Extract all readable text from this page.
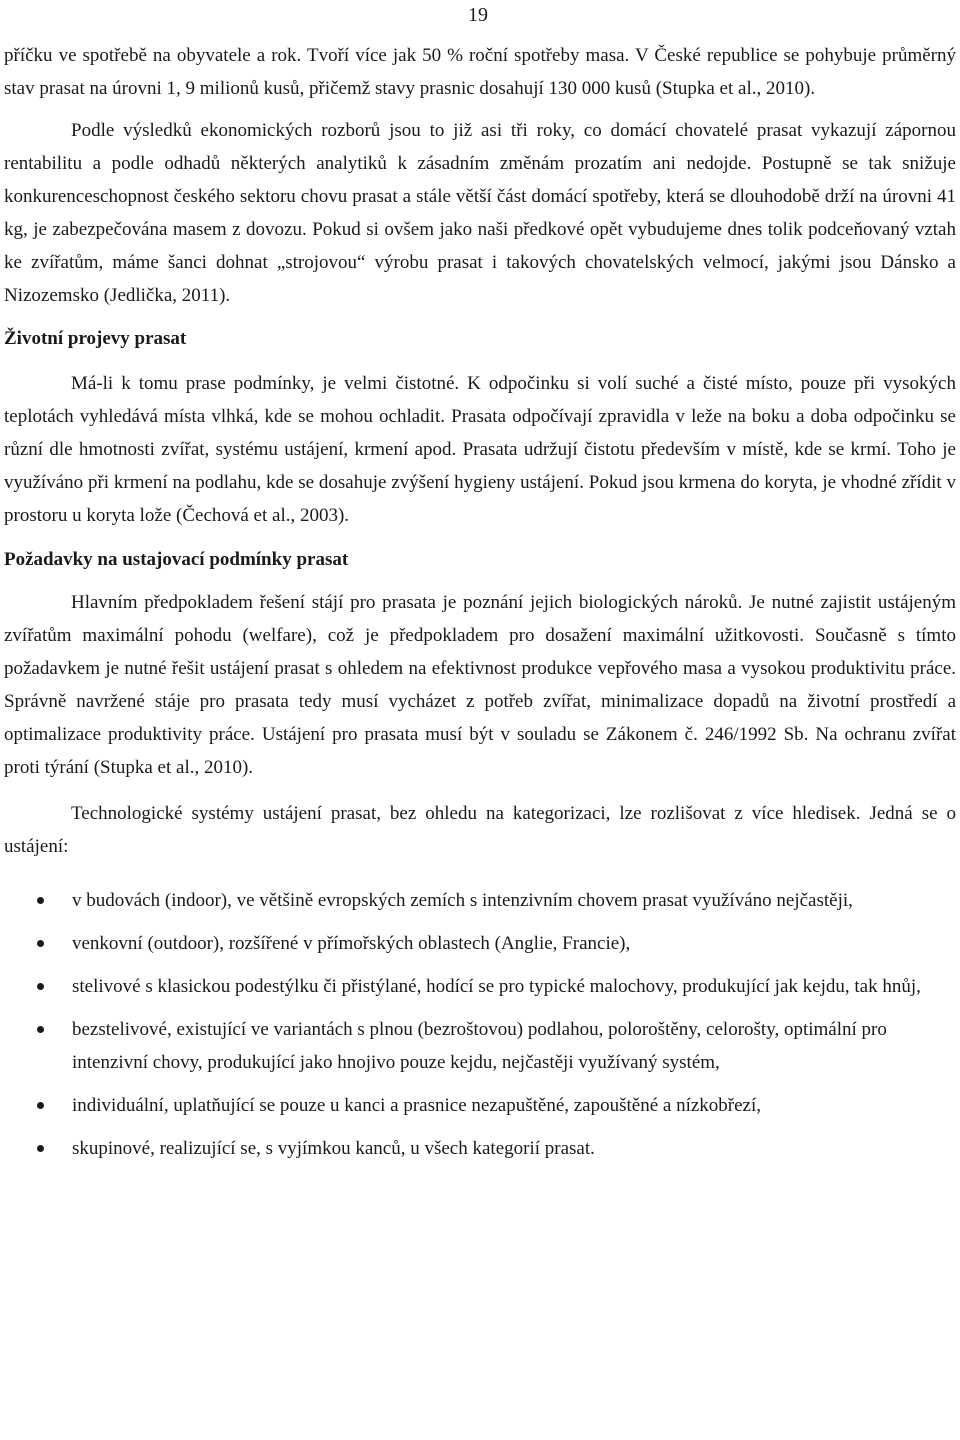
19

příčku ve spotřebě na obyvatele a rok. Tvoří více jak 50 % roční spotřeby masa. V České republice se pohybuje průměrný stav prasat na úrovni 1, 9 milionů kusů, přičemž stavy prasnic dosahují 130 000 kusů (Stupka et al., 2010).

Podle výsledků ekonomických rozborů jsou to již asi tři roky, co domácí chovatelé prasat vykazují zápornou rentabilitu a podle odhadů některých analytiků k zásadním změnám prozatím ani nedojde. Postupně se tak snižuje konkurenceschopnost českého sektoru chovu prasat a stále větší část domácí spotřeby, která se dlouhodobě drží na úrovni 41 kg, je zabezpečována masem z dovozu. Pokud si ovšem jako naši předkové opět vybudujeme dnes tolik podceňovaný vztah ke zvířatům, máme šanci dohnat „strojovou“ výrobu prasat i takových chovatelských velmocí, jakými jsou Dánsko a Nizozemsko (Jedlička, 2011).

Životní projevy prasat

Má-li k tomu prase podmínky, je velmi čistotné. K odpočinku si volí suché a čisté místo, pouze při vysokých teplotách vyhledává místa vlhká, kde se mohou ochladit. Prasata odpočívají zpravidla v leže na boku a doba odpočinku se různí dle hmotnosti zvířat, systému ustájení, krmení apod. Prasata udržují čistotu především v místě, kde se krmí. Toho je využíváno při krmení na podlahu, kde se dosahuje zvýšení hygieny ustájení. Pokud jsou krmena do koryta, je vhodné zřídit v prostoru u koryta lože (Čechová et al., 2003).

Požadavky na ustajovací podmínky prasat

Hlavním předpokladem řešení stájí pro prasata je poznání jejich biologických nároků. Je nutné zajistit ustájeným zvířatům maximální pohodu (welfare), což je předpokladem pro dosažení maximální užitkovosti. Současně s tímto požadavkem je nutné řešit ustájení prasat s ohledem na efektivnost produkce vepřového masa a vysokou produktivitu práce. Správně navržené stáje pro prasata tedy musí vycházet z potřeb zvířat, minimalizace dopadů na životní prostředí a optimalizace produktivity práce. Ustájení pro prasata musí být v souladu se Zákonem č. 246/1992 Sb. Na ochranu zvířat proti týrání (Stupka et al., 2010).

Technologické systémy ustájení prasat, bez ohledu na kategorizaci, lze rozlišovat z více hledisek. Jedná se o ustájení:

v budovách (indoor), ve většině evropských zemích s intenzivním chovem prasat využíváno nejčastěji,
venkovní (outdoor), rozšířené v přímořských oblastech (Anglie, Francie),
stelivové s klasickou podestýlku či přistýlané, hodící se pro typické malochovy, produkující jak kejdu, tak hnůj,
bezstelivové, existující ve variantách s plnou (bezroštovou) podlahou, poloroštěny, celorošty, optimální pro intenzivní chovy, produkující jako hnojivo pouze kejdu, nejčastěji využívaný systém,
individuální, uplatňující se pouze u kanci a prasnice nezapuštěné, zapouštěné a nízkobřezí,
skupinové, realizující se, s vyjímkou kanců, u všech kategorií prasat.
